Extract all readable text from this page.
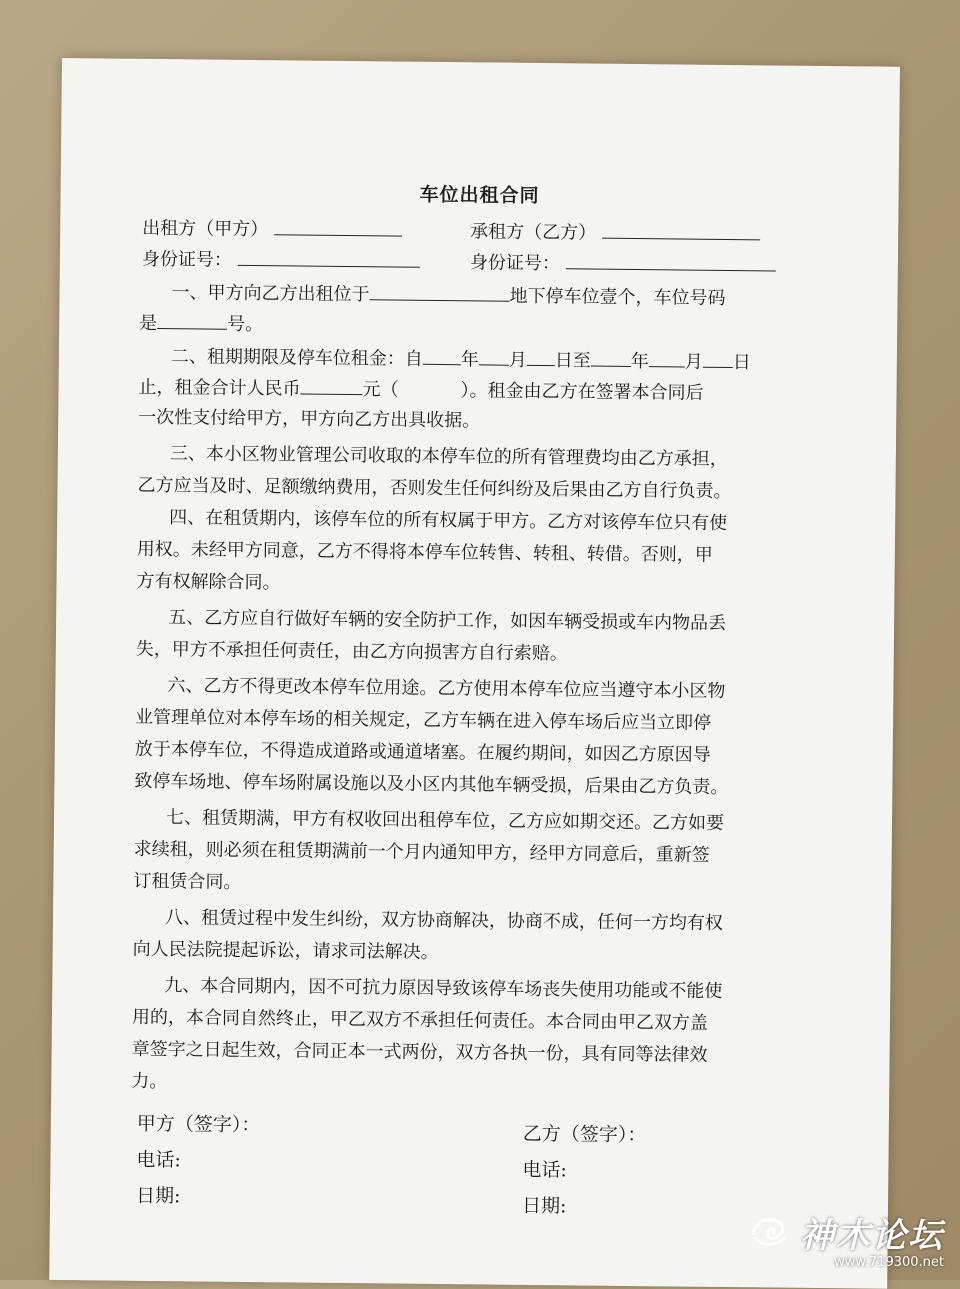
车位出租合同
出租方（甲方）	承租方（乙方）
身份证号：	身份证号：
一、甲方向乙方出租位于	地下停车位壹个，车位号码
是	号。
二、租期期限及停车位租金：自 年 月 日至 年 月 日
止，租金合计人民币	元（	）。租金由乙方在签署本合同后
一次性支付给甲方，甲方向乙方出具收据。
三、本小区物业管理公司收取的本停车位的所有管理费均由乙方承担，
乙方应当及时、足额缴纳费用，否则发生任何纠纷及后果由乙方自行负责。
四、在租赁期内，该停车位的所有权属于甲方。乙方对该停车位只有使
用权。未经甲方同意，乙方不得将本停车位转售、转租、转借。否则，甲
方有权解除合同。
五、乙方应自行做好车辆的安全防护工作，如因车辆受损或车内物品丢
失，甲方不承担任何责任，由乙方向损害方自行索赔。
六、乙方不得更改本停车位用途。乙方使用本停车位应当遵守本小区物
业管理单位对本停车场的相关规定，乙方车辆在进入停车场后应当立即停
放于本停车位，不得造成道路或通道堵塞。在履约期间，如因乙方原因导
致停车场地、停车场附属设施以及小区内其他车辆受损，后果由乙方负责。
七、租赁期满，甲方有权收回出租停车位，乙方应如期交还。乙方如要
求续租，则必须在租赁期满前一个月内通知甲方，经甲方同意后，重新签
订租赁合同。
八、租赁过程中发生纠纷，双方协商解决，协商不成，任何一方均有权
向人民法院提起诉讼，请求司法解决。
九、本合同期内，因不可抗力原因导致该停车场丧失使用功能或不能使
用的，本合同自然终止，甲乙双方不承担任何责任。本合同由甲乙双方盖
章签字之日起生效，合同正本一式两份，双方各执一份，具有同等法律效
力。
甲方（签字）：	乙方（签字）：
电话:	电话:
日期:	日期:
神木论坛
www.719300.net
